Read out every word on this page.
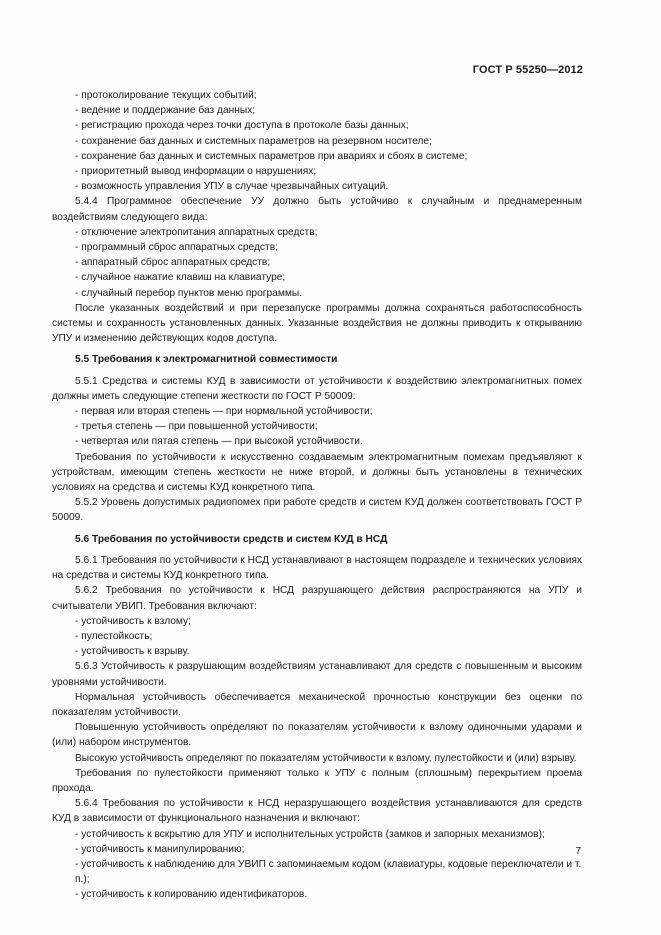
ГОСТ Р 55250—2012

- протоколирование текущих событий;

- ведение и поддержание баз данных;

- регистрацию прохода через точки доступа в протоколе базы данных;

- сохранение баз данных и системных параметров на резервном носителе;

- сохранение баз данных и системных параметров при авариях и сбоях в системе;

- приоритетный вывод информации о нарушениях;

- возможность управления УПУ в случае чрезвычайных ситуаций.

5.4.4 Программное обеспечение УУ должно быть устойчиво к случайным и преднамеренным воздействиям следующего вида:

- отключение электропитания аппаратных средств;

- программный сброс аппаратных средств;

- аппаратный сброс аппаратных средств;

- случайное нажатие клавиш на клавиатуре;

- случайный перебор пунктов меню программы.

После указанных воздействий и при перезапуске программы должна сохраняться работоспособность системы и сохранность установленных данных. Указанные воздействия не должны приводить к открыванию УПУ и изменению действующих кодов доступа.

5.5 Требования к электромагнитной совместимости

5.5.1 Средства и системы КУД в зависимости от устойчивости к воздействию электромагнитных помех должны иметь следующие степени жесткости по ГОСТ Р 50009:

- первая или вторая степень — при нормальной устойчивости;

- третья степень — при повышенной устойчивости;

- четвертая или пятая степень — при высокой устойчивости.

Требования по устойчивости к искусственно создаваемым электромагнитным помехам предъявляют к устройствам, имеющим степень жесткости не ниже второй, и должны быть установлены в технических условиях на средства и системы КУД конкретного типа.

5.5.2 Уровень допустимых радиопомех при работе средств и систем КУД должен соответствовать ГОСТ Р 50009.

5.6 Требования по устойчивости средств и систем КУД в НСД

5.6.1 Требования по устойчивости к НСД устанавливают в настоящем подразделе и технических условиях на средства и системы КУД конкретного типа.

5.6.2 Требования по устойчивости к НСД разрушающего действия распространяются на УПУ и считыватели УВИП. Требования включают:

- устойчивость к взлому;

- пулестойкость;

- устойчивость к взрыву.

5.6.3 Устойчивость к разрушающим воздействиям устанавливают для средств с повышенным и высоким уровнями устойчивости.

Нормальная устойчивость обеспечивается механической прочностью конструкции без оценки по показателям устойчивости.

Повышенную устойчивость определяют по показателям устойчивости к взлому одиночными ударами и (или) набором инструментов.

Высокую устойчивость определяют по показателям устойчивости к взлому, пулестойкости и (или) взрыву.

Требования по пулестойкости применяют только к УПУ с полным (сплошным) перекрытием проема прохода.

5.6.4 Требования по устойчивости к НСД неразрушающего воздействия устанавливаются для средств КУД в зависимости от функционального назначения и включают:

- устойчивость к вскрытию для УПУ и исполнительных устройств (замков и запорных механизмов);

- устойчивость к манипулированию;

- устойчивость к наблюдению для УВИП с запоминаемым кодом (клавиатуры, кодовые переключатели и т. п.);

- устойчивость к копированию идентификаторов.

7
